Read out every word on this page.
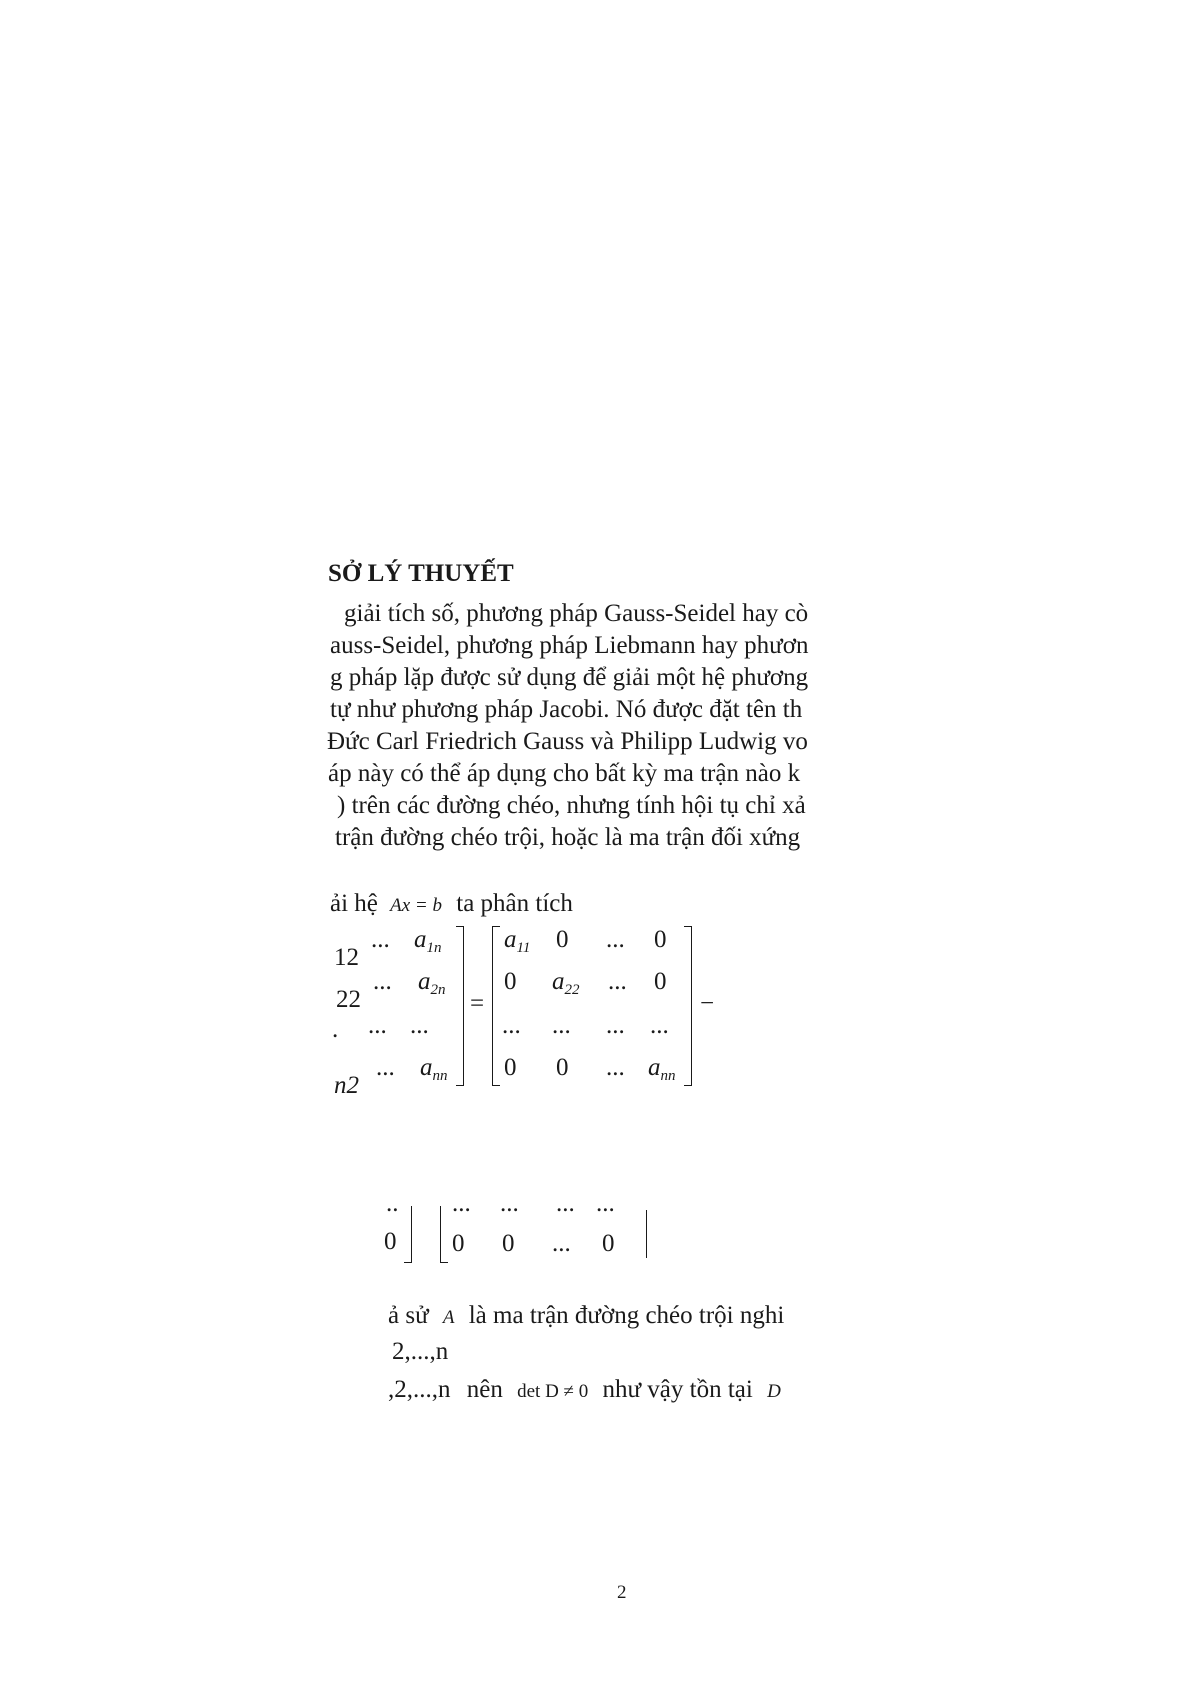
SỞ LÝ THUYẾT
giải tích số, phương pháp Gauss-Seidel hay cò
auss-Seidel, phương pháp Liebmann hay phươn
g pháp lặp được sử dụng để giải một hệ phương
tự như phương pháp Jacobi. Nó được đặt tên th
Đức Carl Friedrich Gauss và Philipp Ludwig vo
áp này có thể áp dụng cho bất kỳ ma trận nào k
) trên các đường chéo, nhưng tính hội tụ chỉ xả
trận đường chéo trội, hoặc là ma trận đối xứng
ải hệ Ax = b ta phân tích
12
... $a_{1n}$
22
... $a_{2n}$
. ... ...
n2
... $a_{nn}$
=
$a_{11}$ 0 ... 0
0 $a_{22}$ ... 0
... ... ... ...
0 0 ... $a_{nn}$
−
..
0
... ... ... ...
0 0 ... 0
ả sử A là ma trận đường chéo trội nghi
2,...,n
,2,...,n nên det D ≠ 0 như vậy tồn tại D
2
